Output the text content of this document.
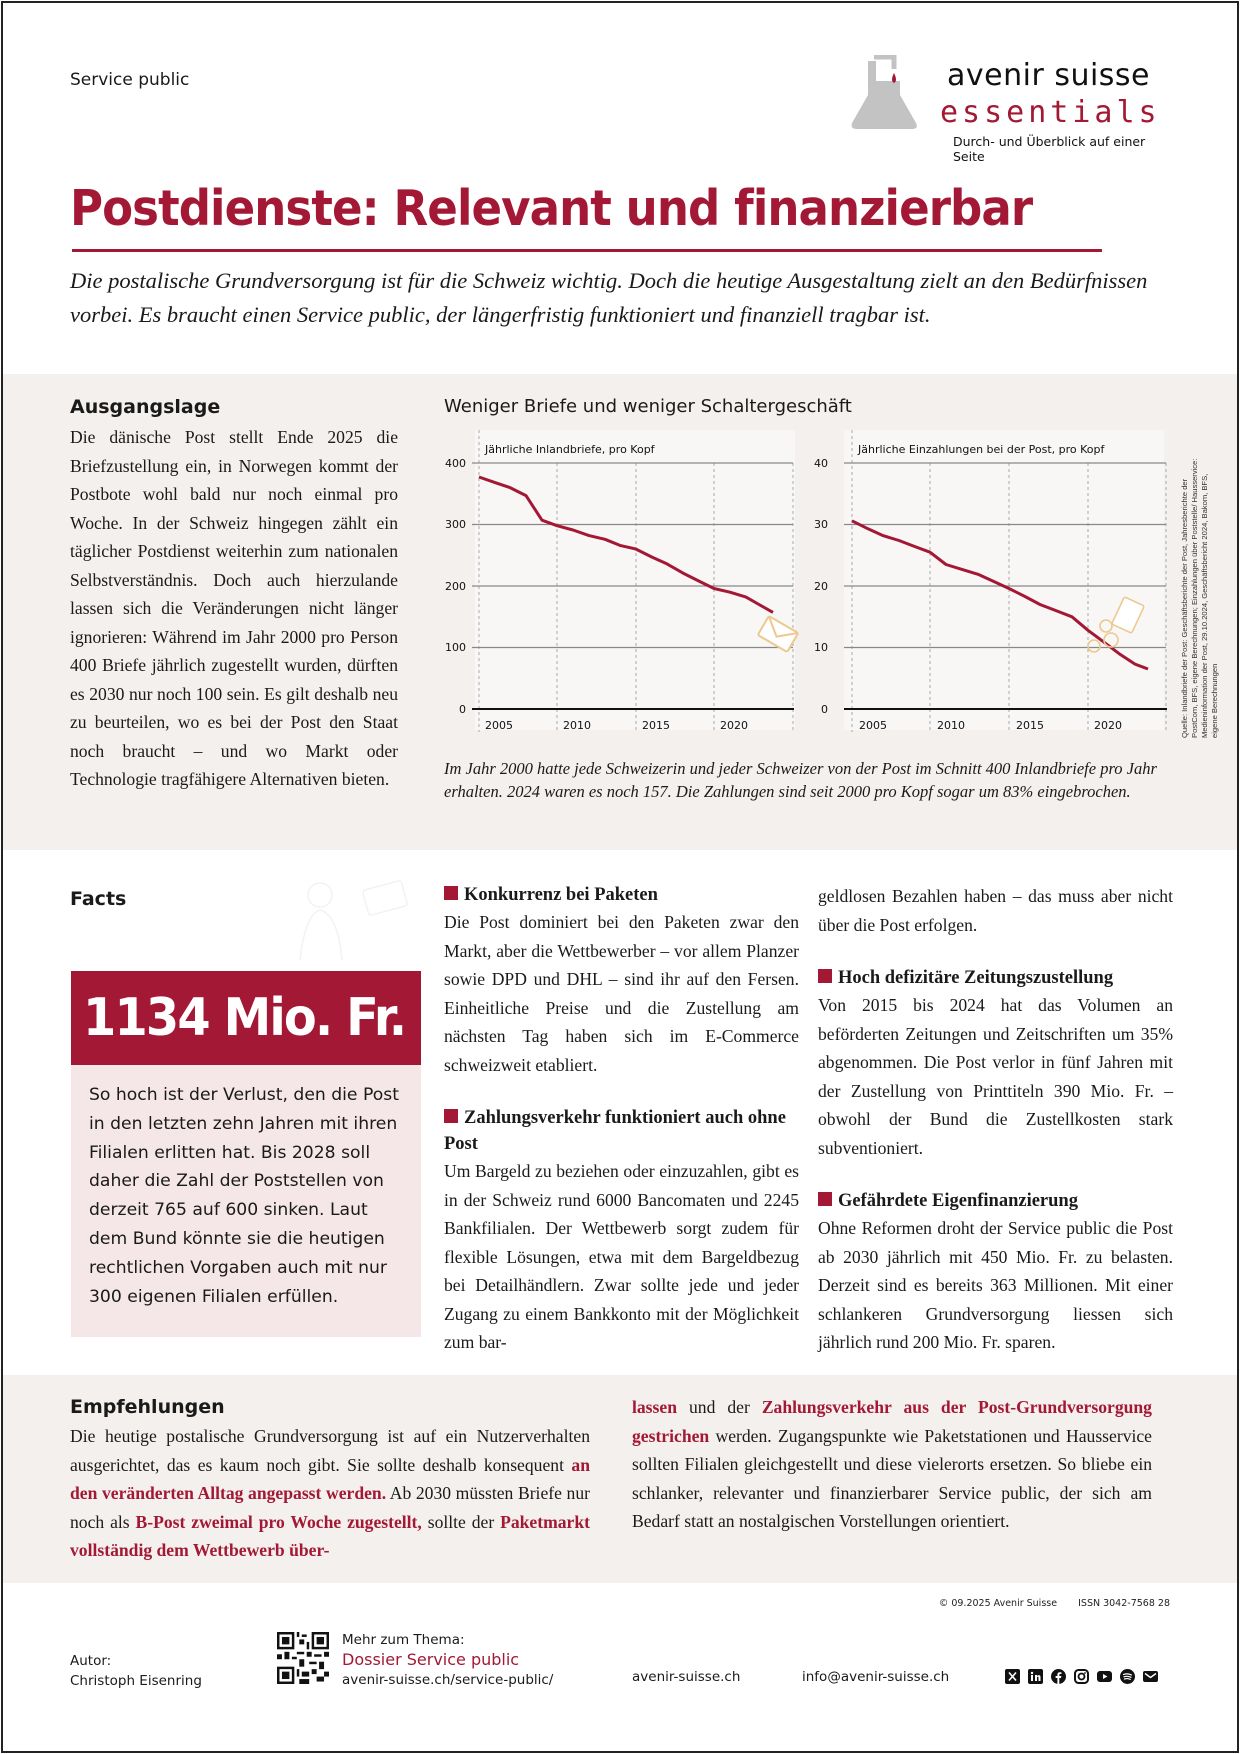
Service public	avenir suisse
essentials
Durch- und Überblick auf einer Seite
Postdienste: Relevant und finanzierbar

Die postalische Grundversorgung ist für die Schweiz wichtig. Doch die heutige Ausgestaltung zielt an den Bedürfnissen vorbei. Es braucht einen Service public, der längerfristig funktioniert und finanziell tragbar ist.

Ausgangslage

Die dänische Post stellt Ende 2025 die Briefzustellung ein, in Norwegen kommt der Postbote wohl bald nur noch einmal pro Woche. In der Schweiz hingegen zählt ein täglicher Postdienst weiterhin zum nationalen Selbstverständnis. Doch auch hierzulande lassen sich die Veränderungen nicht länger ignorieren: Während im Jahr 2000 pro Person 400 Briefe jährlich zugestellt wurden, dürften es 2030 nur noch 100 sein. Es gilt deshalb neu zu beurteilen, wo es bei der Post den Staat noch braucht – und wo Markt oder Technologie tragfähigere Alternativen bieten.

Weniger Briefe und weniger Schaltergeschäft
400
300
200
100
0
2005	2010	2015	2020
Jährliche Inlandbriefe, pro Kopf
40
30
20
10
0
2005	2010	2015	2020
Jährliche Einzahlungen bei der Post, pro Kopf
Quelle: Inlandbriefe der Post: Geschäftsberichte der Post, Jahresberichte der PostCom, BFS, eigene Berechnungen; Einzahlungen über Poststelle/ Hausservice: Medieninformation der Post, 29.10.2024, Geschäftsbericht 2024, Bakom, BFS, eigene Berechnungen

Im Jahr 2000 hatte jede Schweizerin und jeder Schweizer von der Post im Schnitt 400 Inlandbriefe pro Jahr erhalten. 2024 waren es noch 157. Die Zahlungen sind seit 2000 pro Kopf sogar um 83% eingebrochen.

Facts
1134 Mio. Fr.
So hoch ist der Verlust, den die Post in den letzten zehn Jahren mit ihren Filialen erlitten hat. Bis 2028 soll daher die Zahl der Poststellen von derzeit 765 auf 600 sinken. Laut dem Bund könnte sie die heutigen rechtlichen Vorgaben auch mit nur 300 eigenen Filialen erfüllen.
Konkurrenz bei Paketen

Die Post dominiert bei den Paketen zwar den Markt, aber die Wettbewerber – vor allem Planzer sowie DPD und DHL – sind ihr auf den Fersen. Einheitliche Preise und die Zustellung am nächsten Tag haben sich im E-Commerce schweizweit etabliert.

Zahlungsverkehr funktioniert auch ohne Post

Um Bargeld zu beziehen oder einzuzahlen, gibt es in der Schweiz rund 6000 Bancomaten und 2245 Bankfilialen. Der Wettbewerb sorgt zudem für flexible Lösungen, etwa mit dem Bargeldbezug bei Detailhändlern. Zwar sollte jede und jeder Zugang zu einem Bankkonto mit der Möglichkeit zum bar-

geldlosen Bezahlen haben – das muss aber nicht über die Post erfolgen.

Hoch defizitäre Zeitungszustellung

Von 2015 bis 2024 hat das Volumen an beförderten Zeitungen und Zeitschriften um 35% abgenommen. Die Post verlor in fünf Jahren mit der Zustellung von Printtiteln 390 Mio. Fr. – obwohl der Bund die Zustellkosten stark subventioniert.

Gefährdete Eigenfinanzierung

Ohne Reformen droht der Service public die Post ab 2030 jährlich mit 450 Mio. Fr. zu belasten. Derzeit sind es bereits 363 Millionen. Mit einer schlankeren Grundversorgung liessen sich jährlich rund 200 Mio. Fr. sparen.

Empfehlungen

Die heutige postalische Grundversorgung ist auf ein Nutzerverhalten ausgerichtet, das es kaum noch gibt. Sie sollte deshalb konsequent an den veränderten Alltag angepasst werden. Ab 2030 müssten Briefe nur noch als B-Post zweimal pro Woche zugestellt, sollte der Paketmarkt vollständig dem Wettbewerb über-

lassen und der Zahlungsverkehr aus der Post-Grundversorgung gestrichen werden. Zugangspunkte wie Paketstationen und Hausservice sollten Filialen gleichgestellt und diese vielerorts ersetzen. So bliebe ein schlanker, relevanter und finanzierbarer Service public, der sich am Bedarf statt an nostalgischen Vorstellungen orientiert.

© 09.2025 Avenir Suisse ISSN 3042-7568 28
Autor:
Christoph Eisenring
Mehr zum Thema:
Dossier Service public
avenir-suisse.ch/service-public/	avenir-suisse.ch	info@avenir-suisse.ch
